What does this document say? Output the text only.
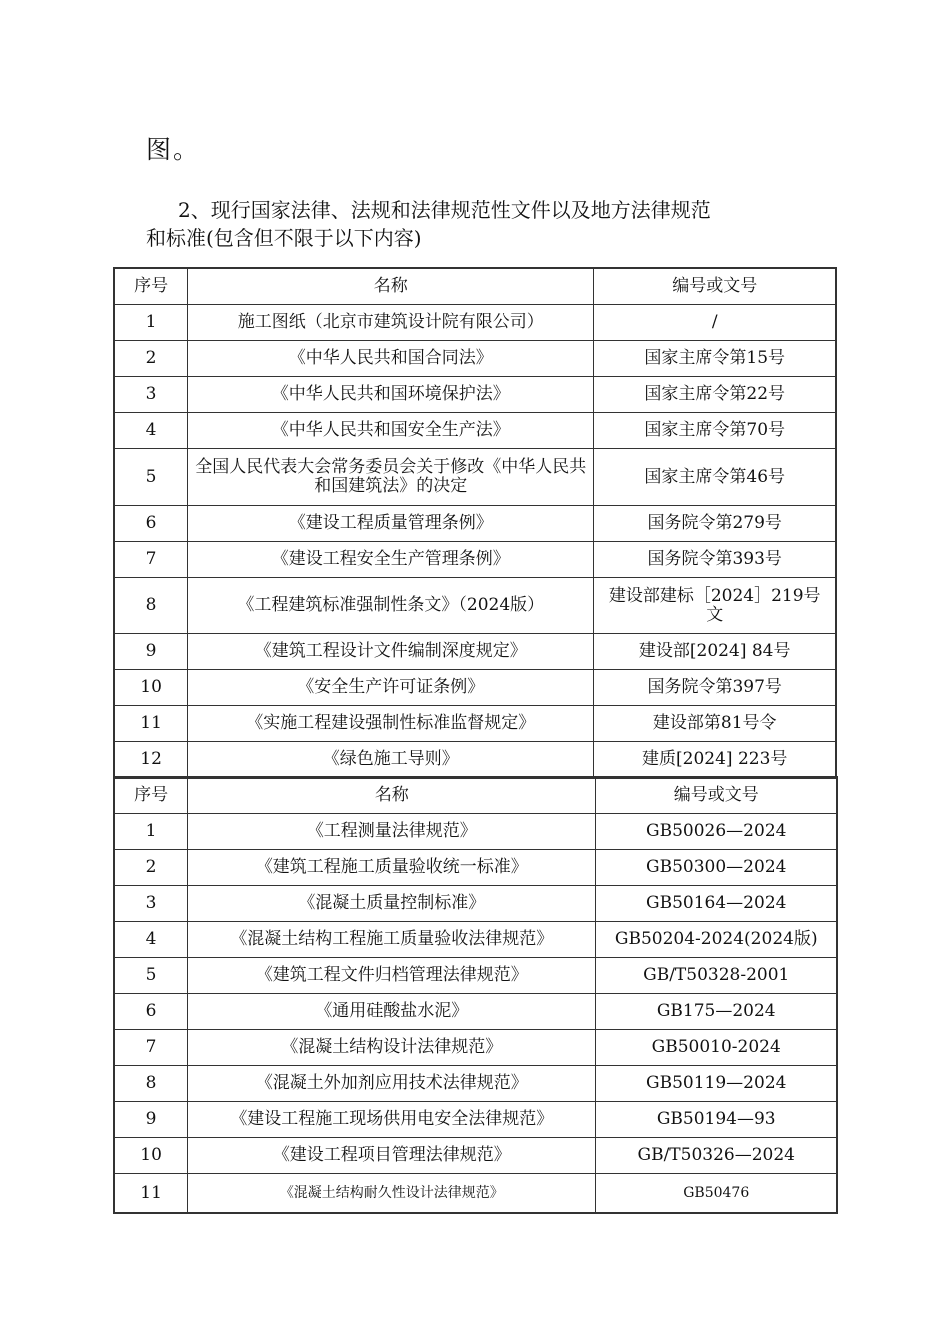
图。
2、现行国家法律、法规和法律规范性文件以及地方法律规范
和标准(包含但不限于以下内容)
序号	名称	编号或文号
1	施工图纸（北京市建筑设计院有限公司）	/
2	《中华人民共和国合同法》	国家主席令第15号
3	《中华人民共和国环境保护法》	国家主席令第22号
4	《中华人民共和国安全生产法》	国家主席令第70号
5	全国人民代表大会常务委员会关于修改《中华人民共和国建筑法》的决定	国家主席令第46号
6	《建设工程质量管理条例》	国务院令第279号
7	《建设工程安全生产管理条例》	国务院令第393号
8	《工程建筑标准强制性条文》（2024版）	建设部建标［2024］219号文
9	《建筑工程设计文件编制深度规定》	建设部[2024] 84号
10	《安全生产许可证条例》	国务院令第397号
11	《实施工程建设强制性标准监督规定》	建设部第81号令
12	《绿色施工导则》	建质[2024] 223号
序号	名称	编号或文号
1	《工程测量法律规范》	GB50026—2024
2	《建筑工程施工质量验收统一标准》	GB50300—2024
3	《混凝土质量控制标准》	GB50164—2024
4	《混凝土结构工程施工质量验收法律规范》	GB50204-2024(2024版)
5	《建筑工程文件归档管理法律规范》	GB/T50328-2001
6	《通用硅酸盐水泥》	GB175—2024
7	《混凝土结构设计法律规范》	GB50010-2024
8	《混凝土外加剂应用技术法律规范》	GB50119—2024
9	《建设工程施工现场供用电安全法律规范》	GB50194—93
10	《建设工程项目管理法律规范》	GB/T50326—2024
11	《混凝土结构耐久性设计法律规范》	GB50476
